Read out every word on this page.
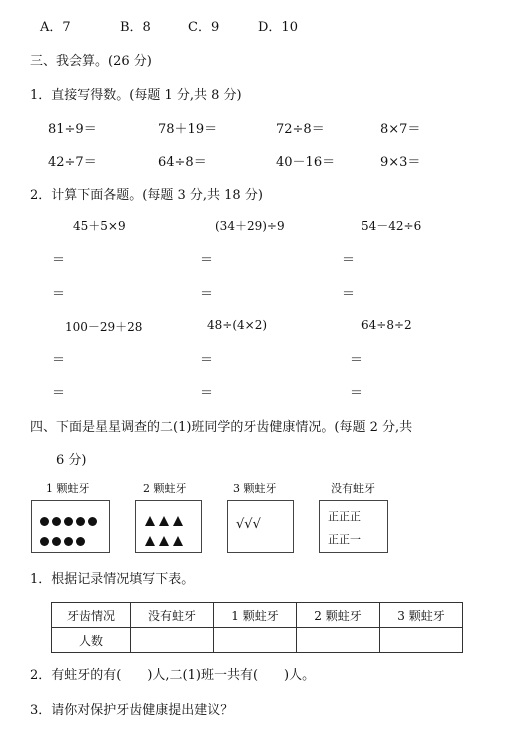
A．7	B．8	C．9	D．10
三、我会算。(26 分)
1．直接写得数。(每题 1 分,共 8 分)
81÷9＝	78＋19＝	72÷8＝	8×7＝
42÷7＝	64÷8＝	40－16＝	9×3＝
2．计算下面各题。(每题 3 分,共 18 分)
45＋5×9	(34＋29)÷9	54－42÷6
＝	＝	＝
＝	＝	＝
100－29＋28	48÷(4×2)	64÷8÷2
＝	＝	＝
＝	＝	＝
四、下面是星星调查的二(1)班同学的牙齿健康情况。(每题 2 分,共
6 分)
1 颗蛀牙	2 颗蛀牙	3 颗蛀牙	没有蛀牙
√√√
正正正
正正一
1．根据记录情况填写下表。
牙齿情况	没有蛀牙	1 颗蛀牙	2 颗蛀牙	3 颗蛀牙
人数				
2．有蛀牙的有(　　)人,二(1)班一共有(　　)人。
3．请你对保护牙齿健康提出建议？
